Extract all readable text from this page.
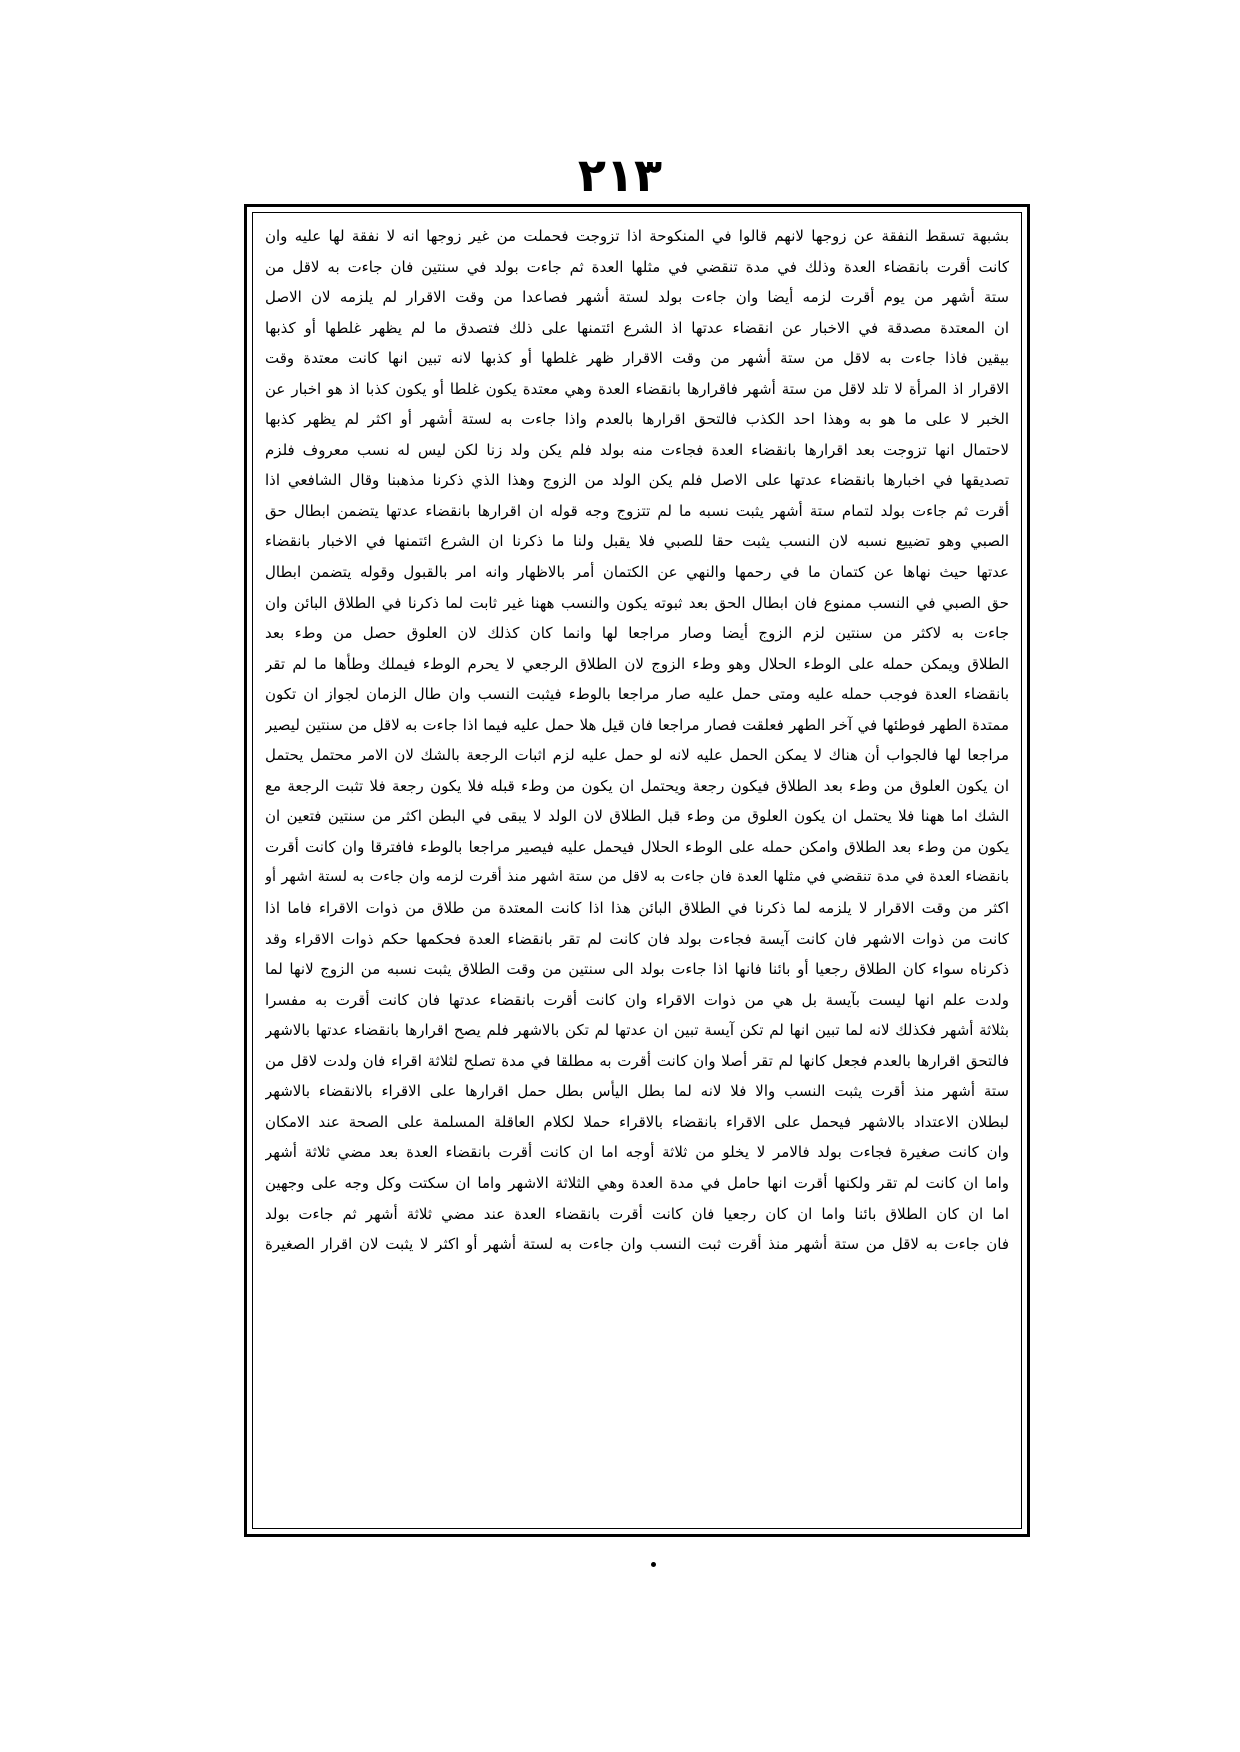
۲۱۳
بشبهة تسقط النفقة عن زوجها لانهم قالوا في المنكوحة اذا تزوجت فحملت من غير زوجها انه لا نفقة لها عليه وان
كانت أقرت بانقضاء العدة وذلك في مدة تنقضي في مثلها العدة ثم جاءت بولد في سنتين فان جاءت به لاقل من
ستة أشهر من يوم أقرت لزمه أيضا وان جاءت بولد لستة أشهر فصاعدا من وقت الاقرار لم يلزمه لان الاصل
ان المعتدة مصدقة في الاخبار عن انقضاء عدتها اذ الشرع ائتمنها على ذلك فتصدق ما لم يظهر غلطها أو كذبها
بيقين فاذا جاءت به لاقل من ستة أشهر من وقت الاقرار ظهر غلطها أو كذبها لانه تبين انها كانت معتدة وقت
الاقرار اذ المرأة لا تلد لاقل من ستة أشهر فاقرارها بانقضاء العدة وهي معتدة يكون غلطا أو يكون كذبا اذ هو اخبار عن
الخبر لا على ما هو به وهذا احد الكذب فالتحق اقرارها بالعدم واذا جاءت به لستة أشهر أو اكثر لم يظهر كذبها
لاحتمال انها تزوجت بعد اقرارها بانقضاء العدة فجاءت منه بولد فلم يكن ولد زنا لكن ليس له نسب معروف فلزم
تصديقها في اخبارها بانقضاء عدتها على الاصل فلم يكن الولد من الزوج وهذا الذي ذكرنا مذهبنا وقال الشافعي اذا
أقرت ثم جاءت بولد لتمام ستة أشهر يثبت نسبه ما لم تتزوج وجه قوله ان اقرارها بانقضاء عدتها يتضمن ابطال حق
الصبي وهو تضييع نسبه لان النسب يثبت حقا للصبي فلا يقبل ولنا ما ذكرنا ان الشرع ائتمنها في الاخبار بانقضاء
عدتها حيث نهاها عن كتمان ما في رحمها والنهي عن الكتمان أمر بالاظهار وانه امر بالقبول وقوله يتضمن ابطال
حق الصبي في النسب ممنوع فان ابطال الحق بعد ثبوته يكون والنسب ههنا غير ثابت لما ذكرنا في الطلاق البائن وان
جاءت به لاكثر من سنتين لزم الزوج أيضا وصار مراجعا لها وانما كان كذلك لان العلوق حصل من وطء بعد
الطلاق ويمكن حمله على الوطء الحلال وهو وطء الزوج لان الطلاق الرجعي لا يحرم الوطء فيملك وطأها ما لم تقر
بانقضاء العدة فوجب حمله عليه ومتى حمل عليه صار مراجعا بالوطء فيثبت النسب وان طال الزمان لجواز ان تكون
ممتدة الطهر فوطئها في آخر الطهر فعلقت فصار مراجعا فان قيل هلا حمل عليه فيما اذا جاءت به لاقل من سنتين ليصير
مراجعا لها فالجواب أن هناك لا يمكن الحمل عليه لانه لو حمل عليه لزم اثبات الرجعة بالشك لان الامر محتمل يحتمل
ان يكون العلوق من وطء بعد الطلاق فيكون رجعة ويحتمل ان يكون من وطء قبله فلا يكون رجعة فلا تثبت الرجعة مع
الشك اما ههنا فلا يحتمل ان يكون العلوق من وطء قبل الطلاق لان الولد لا يبقى في البطن اكثر من سنتين فتعين ان
يكون من وطء بعد الطلاق وامكن حمله على الوطء الحلال فيحمل عليه فيصير مراجعا بالوطء فافترقا وان كانت أقرت
بانقضاء العدة في مدة تنقضي في مثلها العدة فان جاءت به لاقل من ستة اشهر منذ أقرت لزمه وان جاءت به لستة اشهر أو
اكثر من وقت الاقرار لا يلزمه لما ذكرنا في الطلاق البائن هذا اذا كانت المعتدة من طلاق من ذوات الاقراء فاما اذا
كانت من ذوات الاشهر فان كانت آيسة فجاءت بولد فان كانت لم تقر بانقضاء العدة فحكمها حكم ذوات الاقراء وقد
ذكرناه سواء كان الطلاق رجعيا أو بائنا فانها اذا جاءت بولد الى سنتين من وقت الطلاق يثبت نسبه من الزوج لانها لما
ولدت علم انها ليست بآيسة بل هي من ذوات الاقراء وان كانت أقرت بانقضاء عدتها فان كانت أقرت به مفسرا
بثلاثة أشهر فكذلك لانه لما تبين انها لم تكن آيسة تبين ان عدتها لم تكن بالاشهر فلم يصح اقرارها بانقضاء عدتها بالاشهر
فالتحق اقرارها بالعدم فجعل كانها لم تقر أصلا وان كانت أقرت به مطلقا في مدة تصلح لثلاثة اقراء فان ولدت لاقل من
ستة أشهر منذ أقرت يثبت النسب والا فلا لانه لما بطل اليأس بطل حمل اقرارها على الاقراء بالانقضاء بالاشهر
لبطلان الاعتداد بالاشهر فيحمل على الاقراء بانقضاء بالاقراء حملا لكلام العاقلة المسلمة على الصحة عند الامكان
وان كانت صغيرة فجاءت بولد فالامر لا يخلو من ثلاثة أوجه اما ان كانت أقرت بانقضاء العدة بعد مضي ثلاثة أشهر
واما ان كانت لم تقر ولكنها أقرت انها حامل في مدة العدة وهي الثلاثة الاشهر واما ان سكتت وكل وجه على وجهين
اما ان كان الطلاق بائنا واما ان كان رجعيا فان كانت أقرت بانقضاء العدة عند مضي ثلاثة أشهر ثم جاءت بولد
فان جاءت به لاقل من ستة أشهر منذ أقرت ثبت النسب وان جاءت به لستة أشهر أو اكثر لا يثبت لان اقرار الصغيرة
